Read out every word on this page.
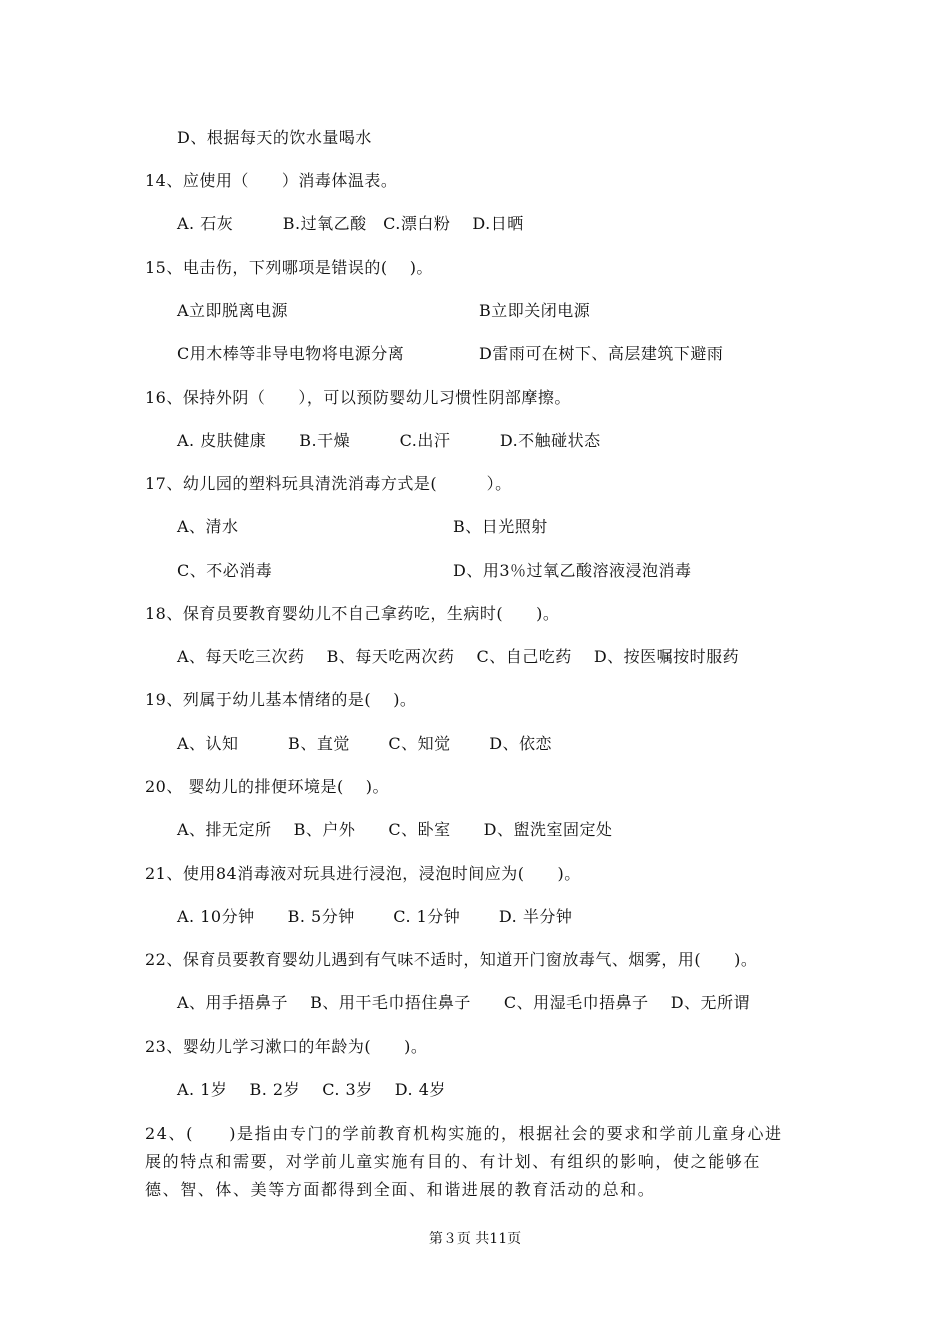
D、根据每天的饮水量喝水
14、应使用（　　）消毒体温表。
A. 石灰　　　B.过氧乙酸　C.漂白粉　 D.日晒
15、电击伤，下列哪项是错误的(　 )。
A立即脱离电源	B立即关闭电源
C用木棒等非导电物将电源分离	D雷雨可在树下、高层建筑下避雨
16、保持外阴（　　），可以预防婴幼儿习惯性阴部摩擦。
A. 皮肤健康　　B.干燥　　　C.出汗　　　D.不触碰状态
17、幼儿园的塑料玩具清洗消毒方式是(　　　）。
A、清水	B、日光照射
C、不必消毒	D、用3％过氧乙酸溶液浸泡消毒
18、保育员要教育婴幼儿不自己拿药吃，生病时(　　)。
A、每天吃三次药　 B、每天吃两次药　 C、自己吃药　 D、按医嘱按时服药
19、列属于幼儿基本情绪的是(　 )。
A、认知　　　B、直觉　　 C、知觉　　 D、依恋
20、 婴幼儿的排便环境是(　 )。
A、排无定所　 B、户外　　C、卧室　　D、盥洗室固定处
21、使用84消毒液对玩具进行浸泡，浸泡时间应为(　　)。
A. 10分钟　　B. 5分钟　　 C. 1分钟　　 D. 半分钟
22、保育员要教育婴幼儿遇到有气味不适时，知道开门窗放毒气、烟雾，用(　　)。
A、用手捂鼻子　 B、用干毛巾捂住鼻子　　C、用湿毛巾捂鼻子　 D、无所谓
23、婴幼儿学习漱口的年龄为(　　)。
A. 1岁　 B. 2岁　 C. 3岁　 D. 4岁
24、(　　)是指由专门的学前教育机构实施的，根据社会的要求和学前儿童身心进展的特点和需要，对学前儿童实施有目的、有计划、有组织的影响，使之能够在德、智、体、美等方面都得到全面、和谐进展的教育活动的总和。
第３页 共11页
